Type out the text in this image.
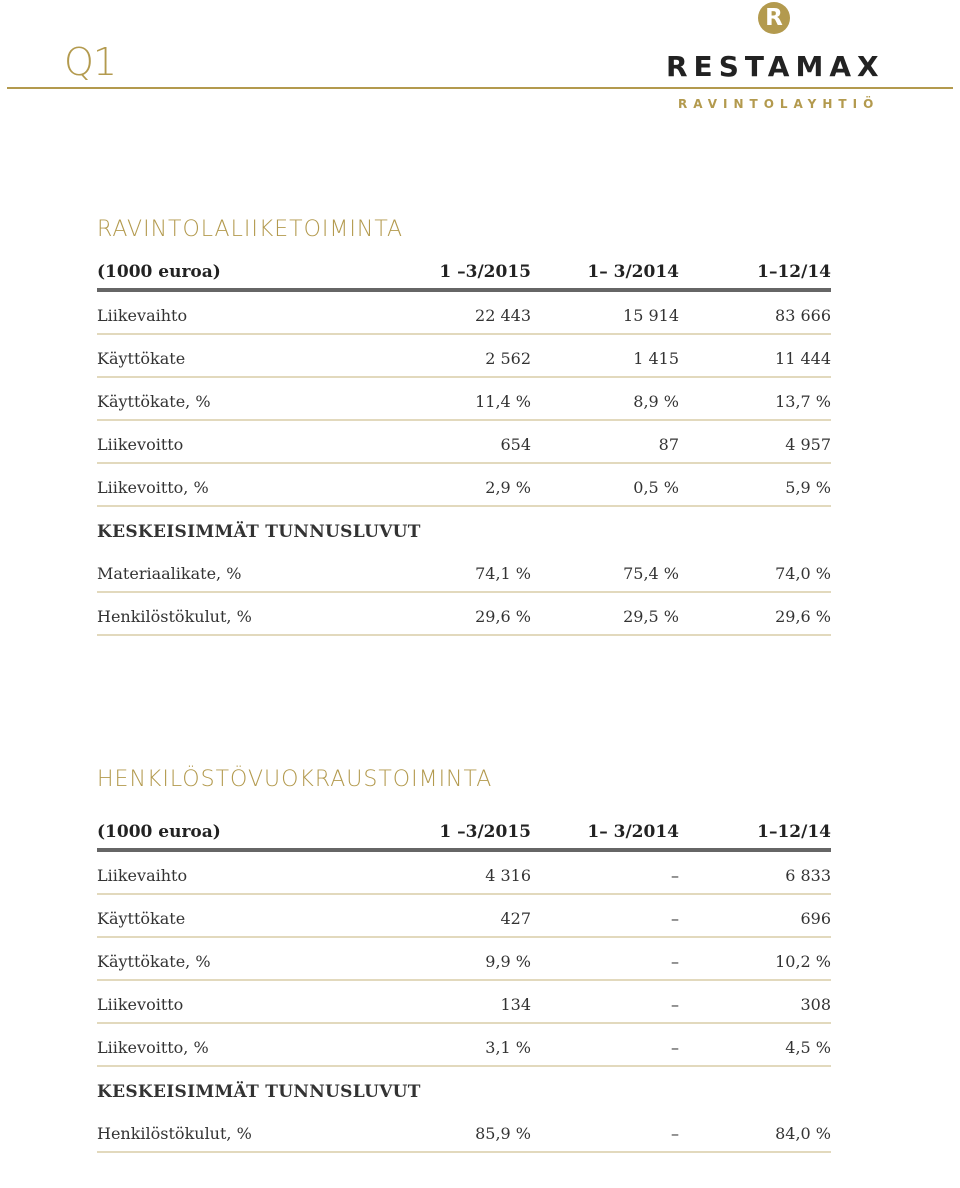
Q1
R
RESTAMAX
RAVINTOLAYHTIÖ
RAVINTOLALIIKETOIMINTA
(1000 euroa)	1 –3/2015	1– 3/2014	1–12/14
Liikevaihto	22 443	15 914	83 666
Käyttökate	2 562	1 415	11 444
Käyttökate, %	11,4 %	8,9 %	13,7 %
Liikevoitto	654	87	4 957
Liikevoitto, %	2,9 %	0,5 %	5,9 %
KESKEISIMMÄT TUNNUSLUVUT
Materiaalikate, %	74,1 %	75,4 %	74,0 %
Henkilöstökulut, %	29,6 %	29,5 %	29,6 %
HENKILÖSTÖVUOKRAUSTOIMINTA
(1000 euroa)	1 –3/2015	1– 3/2014	1–12/14
Liikevaihto	4 316	–	6 833
Käyttökate	427	–	696
Käyttökate, %	9,9 %	–	10,2 %
Liikevoitto	134	–	308
Liikevoitto, %	3,1 %	–	4,5 %
KESKEISIMMÄT TUNNUSLUVUT
Henkilöstökulut, %	85,9 %	–	84,0 %
